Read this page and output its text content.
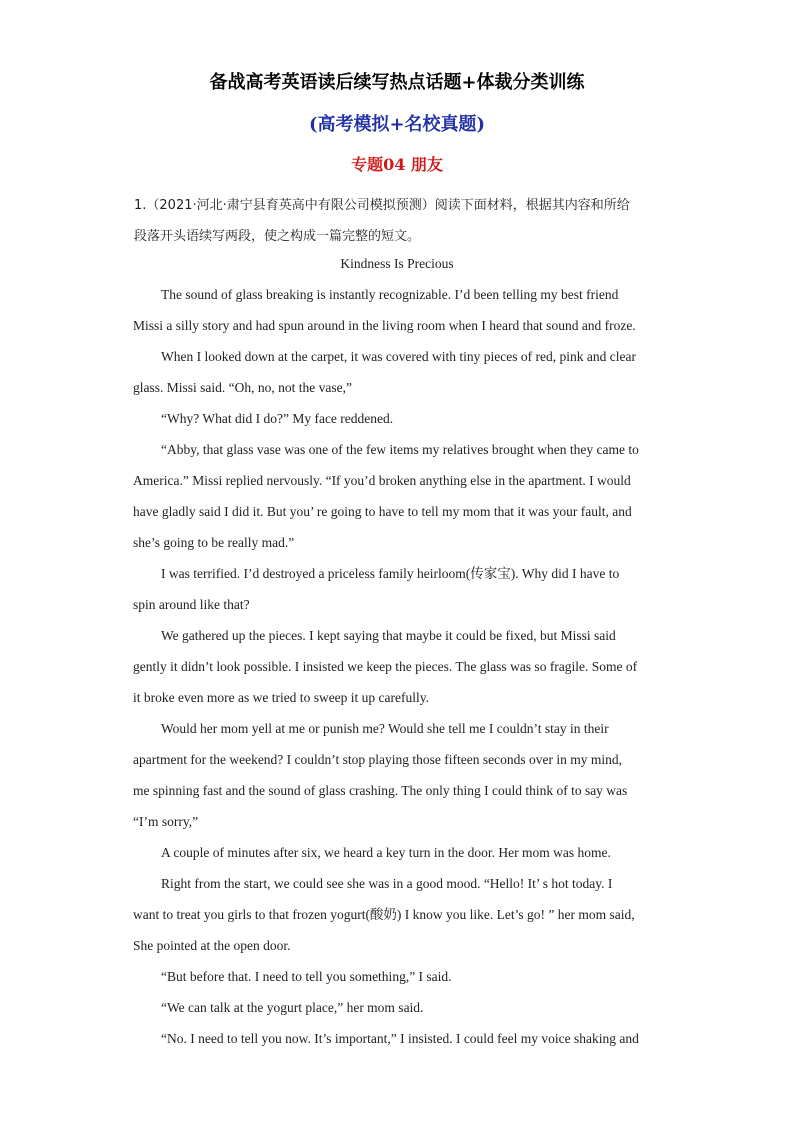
备战高考英语读后续写热点话题+体裁分类训练
(高考模拟+名校真题)
专题04 朋友
1.（2021·河北·肃宁县育英高中有限公司模拟预测）阅读下面材料，根据其内容和所给
段落开头语续写两段，使之构成一篇完整的短文。
Kindness Is Precious
The sound of glass breaking is instantly recognizable. I’d been telling my best friend
Missi a silly story and had spun around in the living room when I heard that sound and froze.
When I looked down at the carpet, it was covered with tiny pieces of red, pink and clear
glass. Missi said. “Oh, no, not the vase,”
“Why? What did I do?” My face reddened.
“Abby, that glass vase was one of the few items my relatives brought when they came to
America.” Missi replied nervously. “If you’d broken anything else in the apartment. I would
have gladly said I did it. But you’ re going to have to tell my mom that it was your fault, and
she’s going to be really mad.”
I was terrified. I’d destroyed a priceless family heirloom(传家宝). Why did I have to
spin around like that?
We gathered up the pieces. I kept saying that maybe it could be fixed, but Missi said
gently it didn’t look possible. I insisted we keep the pieces. The glass was so fragile. Some of
it broke even more as we tried to sweep it up carefully.
Would her mom yell at me or punish me? Would she tell me I couldn’t stay in their
apartment for the weekend? I couldn’t stop playing those fifteen seconds over in my mind,
me spinning fast and the sound of glass crashing. The only thing I could think of to say was
“I’m sorry,”
A couple of minutes after six, we heard a key turn in the door. Her mom was home.
Right from the start, we could see she was in a good mood. “Hello! It’ s hot today. I
want to treat you girls to that frozen yogurt(酸奶) I know you like. Let’s go! ” her mom said,
She pointed at the open door.
“But before that. I need to tell you something,” I said.
“We can talk at the yogurt place,” her mom said.
“No. I need to tell you now. It’s important,” I insisted. I could feel my voice shaking and
